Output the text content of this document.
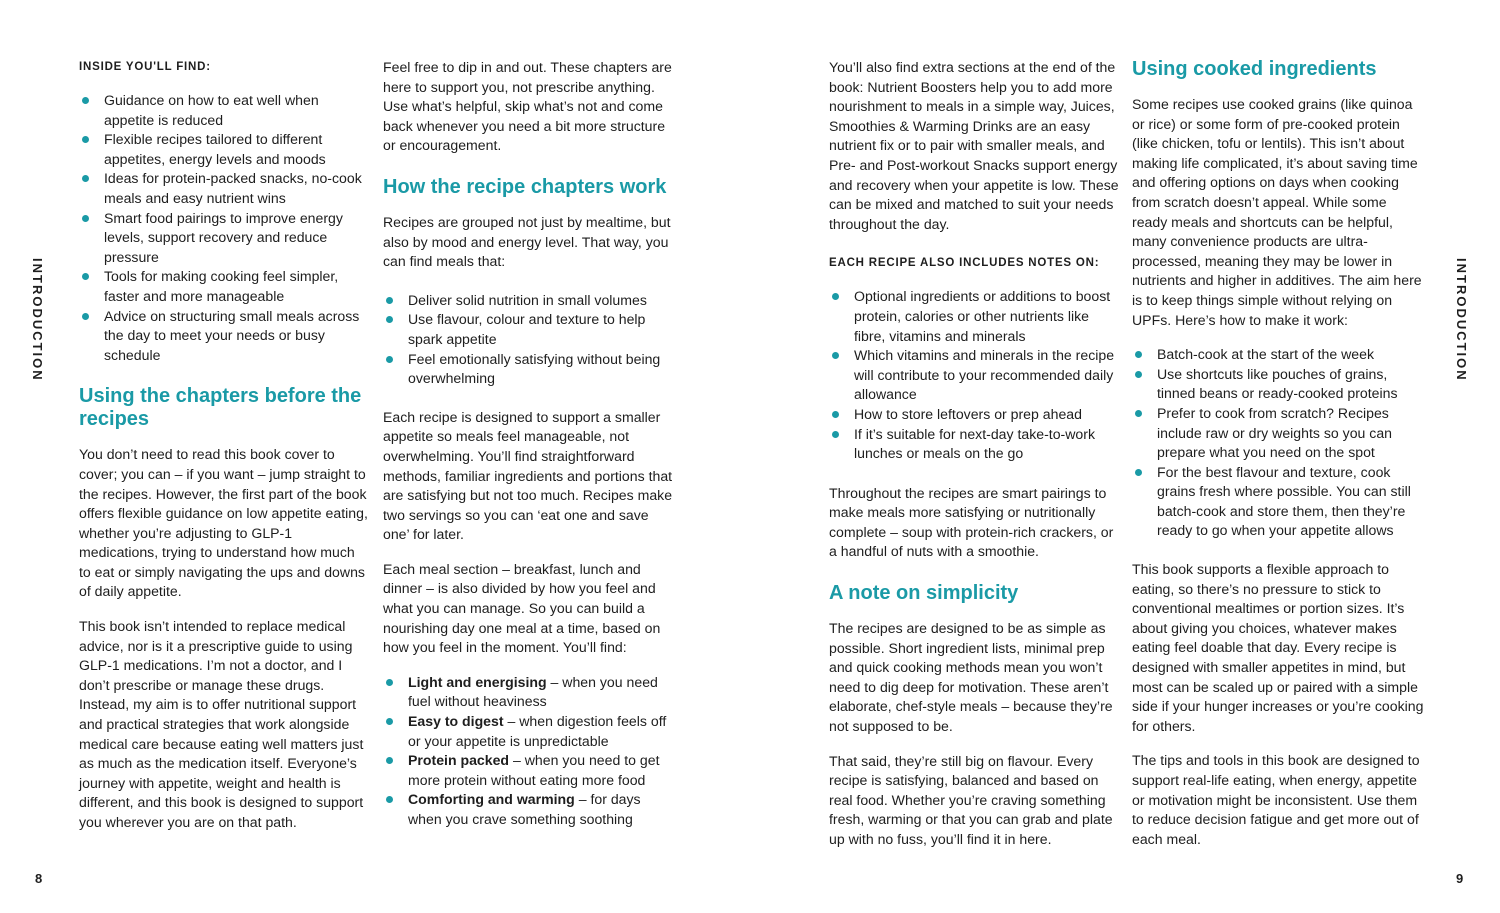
INTRODUCTION	INTRODUCTION
INSIDE YOU'LL FIND:
Guidance on how to eat well when appetite is reduced
Flexible recipes tailored to different appetites, energy levels and moods
Ideas for protein-packed snacks, no-cook meals and easy nutrient wins
Smart food pairings to improve energy levels, support recovery and reduce pressure
Tools for making cooking feel simpler, faster and more manageable
Advice on structuring small meals across the day to meet your needs or busy schedule
Using the chapters before the recipes

You don’t need to read this book cover to cover; you can – if you want – jump straight to the recipes. However, the first part of the book offers flexible guidance on low appetite eating, whether you’re adjusting to GLP-1 medications, trying to understand how much to eat or simply navigating the ups and downs of daily appetite.

This book isn’t intended to replace medical advice, nor is it a prescriptive guide to using GLP-1 medications. I’m not a doctor, and I don’t prescribe or manage these drugs. Instead, my aim is to offer nutritional support and practical strategies that work alongside medical care because eating well matters just as much as the medication itself. Everyone’s journey with appetite, weight and health is different, and this book is designed to support you wherever you are on that path.

Feel free to dip in and out. These chapters are here to support you, not prescribe anything. Use what’s helpful, skip what’s not and come back whenever you need a bit more structure or encouragement.

How the recipe chapters work

Recipes are grouped not just by mealtime, but also by mood and energy level. That way, you can find meals that:

Deliver solid nutrition in small volumes
Use flavour, colour and texture to help spark appetite
Feel emotionally satisfying without being overwhelming

Each recipe is designed to support a smaller appetite so meals feel manageable, not overwhelming. You’ll find straightforward methods, familiar ingredients and portions that are satisfying but not too much. Recipes make two servings so you can ‘eat one and save one’ for later.

Each meal section – breakfast, lunch and dinner – is also divided by how you feel and what you can manage. So you can build a nourishing day one meal at a time, based on how you feel in the moment. You’ll find:

Light and energising – when you need fuel without heaviness
Easy to digest – when digestion feels off or your appetite is unpredictable
Protein packed – when you need to get more protein without eating more food
Comforting and warming – for days when you crave something soothing

You’ll also find extra sections at the end of the book: Nutrient Boosters help you to add more nourishment to meals in a simple way, Juices, Smoothies & Warming Drinks are an easy nutrient fix or to pair with smaller meals, and Pre- and Post-workout Snacks support energy and recovery when your appetite is low. These can be mixed and matched to suit your needs throughout the day.

EACH RECIPE ALSO INCLUDES NOTES ON:
Optional ingredients or additions to boost protein, calories or other nutrients like fibre, vitamins and minerals
Which vitamins and minerals in the recipe will contribute to your recommended daily allowance
How to store leftovers or prep ahead
If it’s suitable for next-day take-to-work lunches or meals on the go

Throughout the recipes are smart pairings to make meals more satisfying or nutritionally complete – soup with protein-rich crackers, or a handful of nuts with a smoothie.

A note on simplicity

The recipes are designed to be as simple as possible. Short ingredient lists, minimal prep and quick cooking methods mean you won’t need to dig deep for motivation. These aren’t elaborate, chef-style meals – because they’re not supposed to be.

That said, they’re still big on flavour. Every recipe is satisfying, balanced and based on real food. Whether you’re craving something fresh, warming or that you can grab and plate up with no fuss, you’ll find it in here.

Using cooked ingredients

Some recipes use cooked grains (like quinoa or rice) or some form of pre-cooked protein (like chicken, tofu or lentils). This isn’t about making life complicated, it’s about saving time and offering options on days when cooking from scratch doesn’t appeal. While some ready meals and shortcuts can be helpful, many convenience products are ultra-processed, meaning they may be lower in nutrients and higher in additives. The aim here is to keep things simple without relying on UPFs. Here’s how to make it work:

Batch-cook at the start of the week
Use shortcuts like pouches of grains, tinned beans or ready-cooked proteins
Prefer to cook from scratch? Recipes include raw or dry weights so you can prepare what you need on the spot
For the best flavour and texture, cook grains fresh where possible. You can still batch-cook and store them, then they’re ready to go when your appetite allows

This book supports a flexible approach to eating, so there’s no pressure to stick to conventional mealtimes or portion sizes. It’s about giving you choices, whatever makes eating feel doable that day. Every recipe is designed with smaller appetites in mind, but most can be scaled up or paired with a simple side if your hunger increases or you’re cooking for others.

The tips and tools in this book are designed to support real-life eating, when energy, appetite or motivation might be inconsistent. Use them to reduce decision fatigue and get more out of each meal.

8	9
